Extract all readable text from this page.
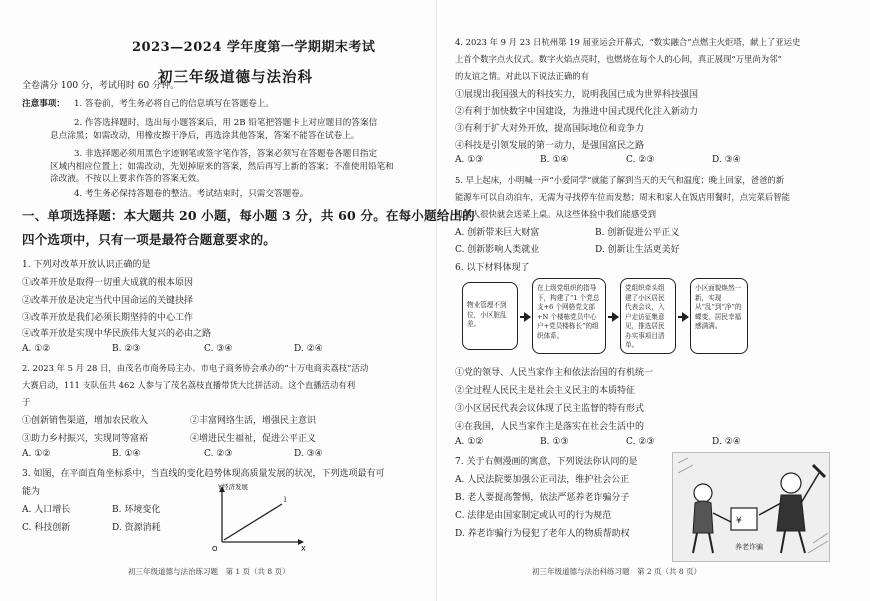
2023—2024 学年度第一学期期末考试
初三年级道德与法治科
全卷满分 100 分，考试用时 60 分钟。
注意事项： 1. 答卷前，考生务必将自己的信息填写在答题卷上。
2. 作答选择题时，选出每小题答案后，用 2B 铅笔把答题卡上对应题目的答案信
息点涂黑；如需改动，用橡皮擦干净后，再选涂其他答案，答案不能答在试卷上。
3. 非选择题必须用黑色字迹钢笔或签字笔作答，答案必须写在答题卷各题目指定
区域内相应位置上；如需改动，先划掉原来的答案，然后再写上新的答案；不准使用铅笔和
涂改液。不按以上要求作答的答案无效。
4. 考生务必保持答题卷的整洁。考试结束时，只需交答题卷。
一、单项选择题：本大题共 20 小题，每小题 3 分，共 60 分。在每小题给出的
四个选项中，只有一项是最符合题意要求的。
1. 下列对改革开放认识正确的是
①改革开放是取得一切重大成就的根本原因
②改革开放是决定当代中国命运的关键抉择
③改革开放是我们必须长期坚持的中心工作
④改革开放是实现中华民族伟大复兴的必由之路
A. ①②	B. ②③	C. ③④	D. ②④
2. 2023 年 5 月 28 日，由茂名市商务局主办、市电子商务协会承办的“十万电商卖荔枝”活动
大赛启动，111 支队伍共 462 人参与了茂名荔枝直播带货大比拼活动。这个直播活动有利
于
①创新销售渠道，增加农民收入	②丰富网络生活，增强民主意识
③助力乡村振兴，实现同等富裕	④增进民生福祉，促进公平正义
A. ①②	B. ①④	C. ②③	D. ③④
3. 如图，在平面直角坐标系中，当直线的变化趋势体现高质量发展的状况，下列选项最有可
能为
A. 人口增长	B. 环境变化
C. 科技创新	D. 资源消耗
Y经济发展
X
O
l
初三年级道德与法治练习题　第 1 页（共 8 页）
4. 2023 年 9 月 23 日杭州第 19 届亚运会开幕式，“数实融合”点燃主火炬塔，献上了亚运史
上首个数字点火仪式。数字火焰点亮时，也燃烧在每个人的心间，真正展现“万里尚为邻”
的友谊之情。对此以下说法正确的有
①展现出我国强大的科技实力，说明我国已成为世界科技强国
②有利于加快数字中国建设，为推进中国式现代化注入新动力
③有利于扩大对外开放，提高国际地位和竞争力
④科技是引领发展的第一动力，是强国富民之路
A. ①③	B. ①④	C. ②③	D. ③④
5. 早上起床，小明喊一声“小爱同学”就能了解到当天的天气和温度；晚上回家，爸爸的新
能源车可以自动泊车，无需为寻找停车位而发愁；周末和家人在饭店用餐时，点完菜后智能
机器人很快就会送菜上桌。从这些体验中我们能感受到
A. 创新带来巨大财富	B. 创新促进公平正义
C. 创新影响人类就业	D. 创新让生活更美好
6. 以下材料体现了
物业管理不到位，小区脏乱差。
在上级党组织的指导下，构建了“1 个党总支+6 个网格党支部+N 个楼栋党员中心户+党员楼栋长”的组织体系。
党组织牵头组建了小区居民代表会议，入户走访征集意见，推选居民办实事项目清单。
小区面貌焕然一新，实现从“乱”到“净”的蝶变，居民幸福感满满。
①党的领导、人民当家作主和依法治国的有机统一
②全过程人民民主是社会主义民主的本质特征
③小区居民代表会议体现了民主监督的特有形式
④在我国，人民当家作主是落实在社会生活中的
A. ①②	B. ①③	C. ②③	D. ②④
7. 关于右侧漫画的寓意，下列说法你认同的是
A. 人民法院要加强公正司法，维护社会公正
B. 老人要提高警惕，依法严惩养老诈骗分子
C. 法律是由国家制定或认可的行为规范
D. 养老诈骗行为侵犯了老年人的物质帮助权
¥
养老诈骗
初三年级道德与法治科练习题　第 2 页（共 8 页）
